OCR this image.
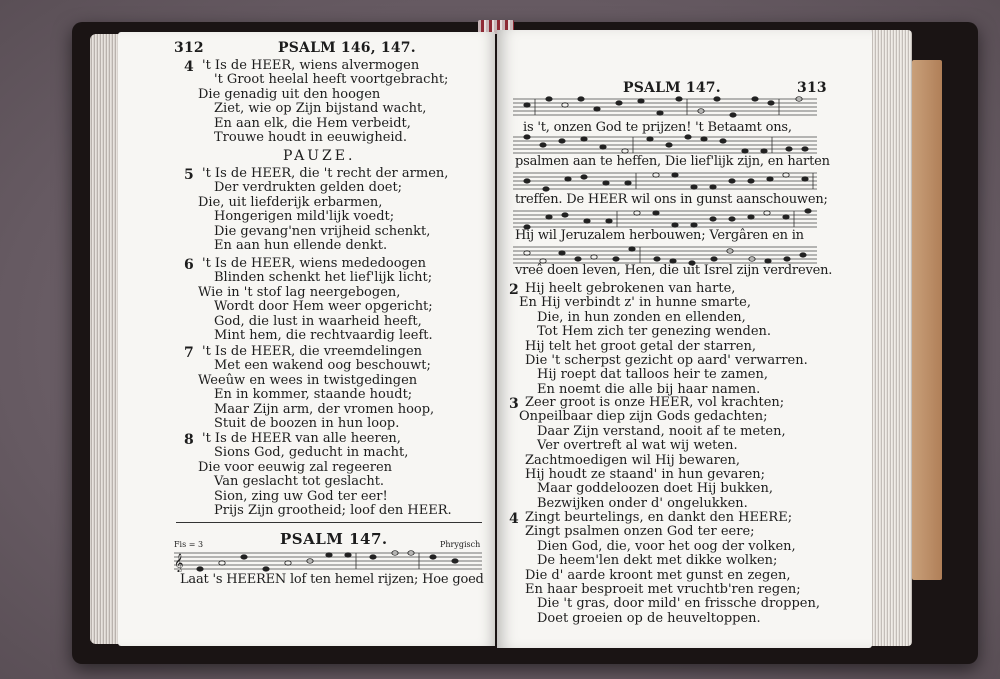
312	PSALM 146, 147.
4 't Is de HEER, wiens alvermogen
't Groot heelal heeft voortgebracht;
Die genadig uit den hoogen
Ziet, wie op Zijn bijstand wacht,
En aan elk, die Hem verbeidt,
Trouwe houdt in eeuwigheid.
PAUZE.
5 't Is de HEER, die 't recht der armen,
Der verdrukten gelden doet;
Die, uit liefderijk erbarmen,
Hongerigen mild'lijk voedt;
Die gevang'nen vrijheid schenkt,
En aan hun ellende denkt.
6 't Is de HEER, wiens mededoogen
Blinden schenkt het lief'lijk licht;
Wie in 't stof lag neergebogen,
Wordt door Hem weer opgericht;
God, die lust in waarheid heeft,
Mint hem, die rechtvaardig leeft.
7 't Is de HEER, die vreemdelingen
Met een wakend oog beschouwt;
Weeûw en wees in twistgedingen
En in kommer, staande houdt;
Maar Zijn arm, der vromen hoop,
Stuit de boozen in hun loop.
8 't Is de HEER van alle heeren,
Sions God, geducht in macht,
Die voor eeuwig zal regeeren
Van geslacht tot geslacht.
Sion, zing uw God ter eer!
Prijs Zijn grootheid; loof den HEER.
Fis = 3	PSALM 147.	Phrygisch
𝄞
Laat 's HEEREN lof ten hemel rijzen; Hoe goed
PSALM 147.	313
is 't, onzen God te prijzen! 't Betaamt ons,
psalmen aan te heffen, Die lief'lijk zijn, en harten
treffen. De HEER wil ons in gunst aanschouwen;
Hij wil Jeruzalem herbouwen; Vergâren en in
vreê doen leven, Hen, die uit Isrel zijn verdreven.
2 Hij heelt gebrokenen van harte,
En Hij verbindt z' in hunne smarte,
Die, in hun zonden en ellenden,
Tot Hem zich ter genezing wenden.
Hij telt het groot getal der starren,
Die 't scherpst gezicht op aard' verwarren.
Hij roept dat talloos heir te zamen,
En noemt die alle bij haar namen.
3 Zeer groot is onze HEER, vol krachten;
Onpeilbaar diep zijn Gods gedachten;
Daar Zijn verstand, nooit af te meten,
Ver overtreft al wat wij weten.
Zachtmoedigen wil Hij bewaren,
Hij houdt ze staand' in hun gevaren;
Maar goddeloozen doet Hij bukken,
Bezwijken onder d' ongelukken.
4 Zingt beurtelings, en dankt den HEERE;
Zingt psalmen onzen God ter eere;
Dien God, die, voor het oog der volken,
De heem'len dekt met dikke wolken;
Die d' aarde kroont met gunst en zegen,
En haar besproeit met vruchtb'ren regen;
Die 't gras, door mild' en frissche droppen,
Doet groeien op de heuveltoppen.
